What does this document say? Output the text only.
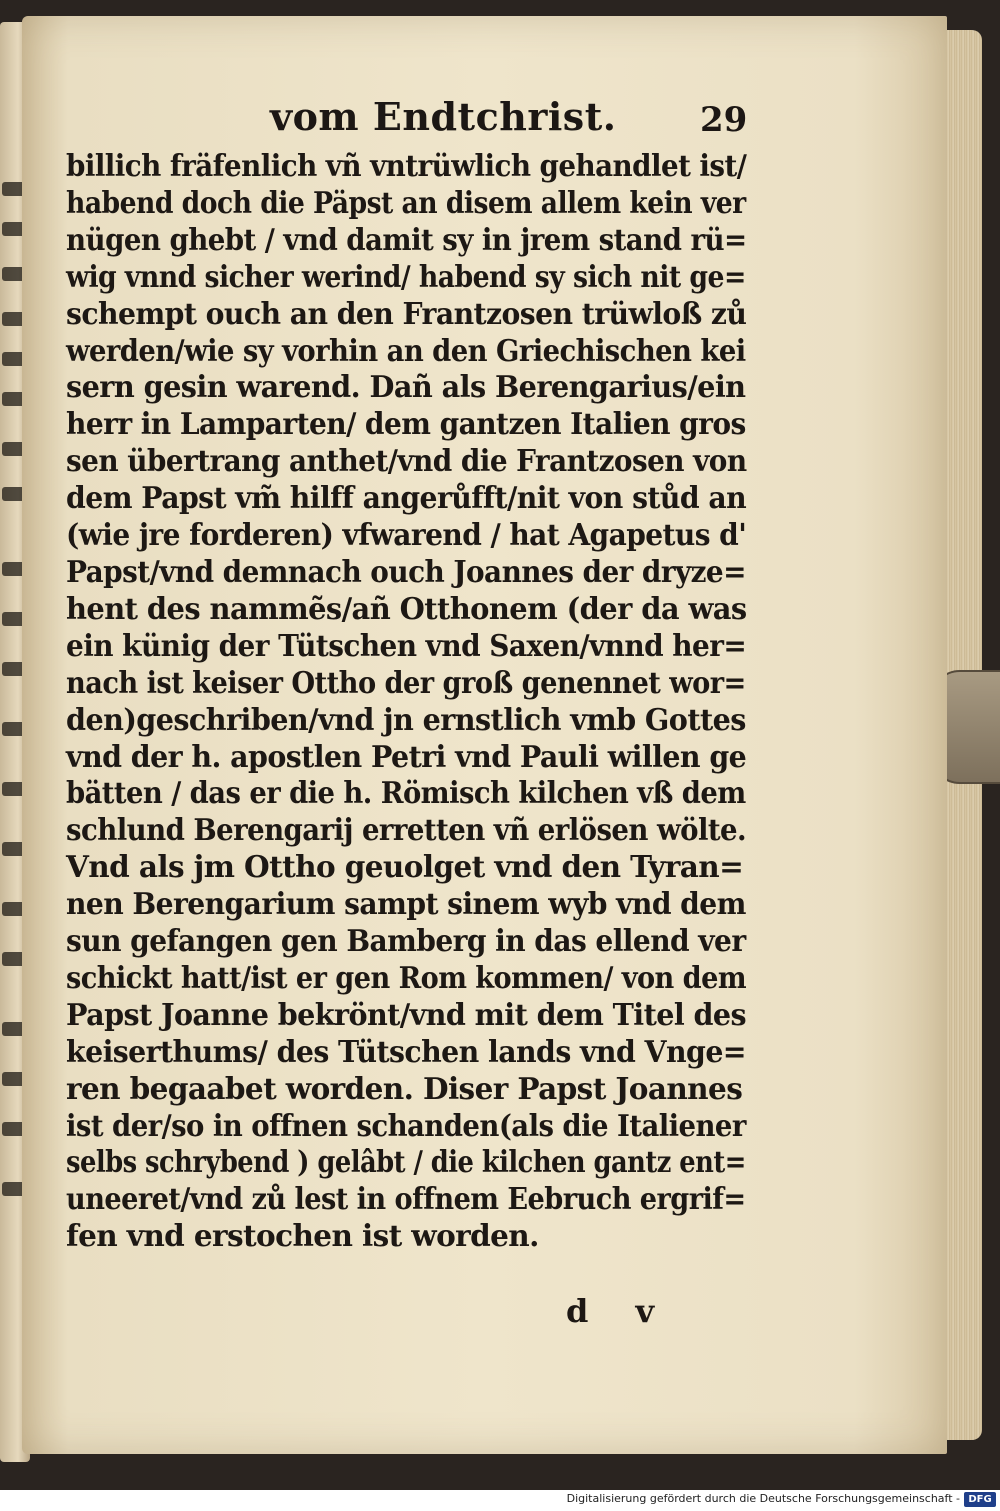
vom Endtchrist. 29
billich fräfenlich vñ vntrüwlich gehandlet ist/
habend doch die Päpst an disem allem kein ver
nügen ghebt / vnd damit sy in jrem stand rü=
wig vnnd sicher werind/ habend sy sich nit ge=
schempt ouch an den Frantzosen trüwloß zů
werden/wie sy vorhin an den Griechischen kei
sern gesin warend. Dañ als Berengarius/ein
herr in Lamparten/ dem gantzen Italien gros
sen übertrang anthet/vnd die Frantzosen von
dem Papst vm̃ hilff angerůfft/nit von stůd an
(wie jre forderen) vfwarend / hat Agapetus d'
Papst/vnd demnach ouch Joannes der dryze=
hent des nammẽs/añ Otthonem (der da was
ein künig der Tütschen vnd Saxen/vnnd her=
nach ist keiser Ottho der groß genennet wor=
den)geschriben/vnd jn ernstlich vmb Gottes
vnd der h. apostlen Petri vnd Pauli willen ge
bätten / das er die h. Römisch kilchen vß dem
schlund Berengarij erretten vñ erlösen wölte.
Vnd als jm Ottho geuolget vnd den Tyran=
nen Berengarium sampt sinem wyb vnd dem
sun gefangen gen Bamberg in das ellend ver
schickt hatt/ist er gen Rom kommen/ von dem
Papst Joanne bekrönt/vnd mit dem Titel des
keiserthums/ des Tütschen lands vnd Vnge=
ren begaabet worden. Diser Papst Joannes
ist der/so in offnen schanden(als die Italiener
selbs schrybend ) gelâbt / die kilchen gantz ent=
uneeret/vnd zů lest in offnem Eebruch ergrif=
fen vnd erstochen ist worden.
d v
Digitalisierung gefördert durch die Deutsche Forschungsgemeinschaft - DFG
